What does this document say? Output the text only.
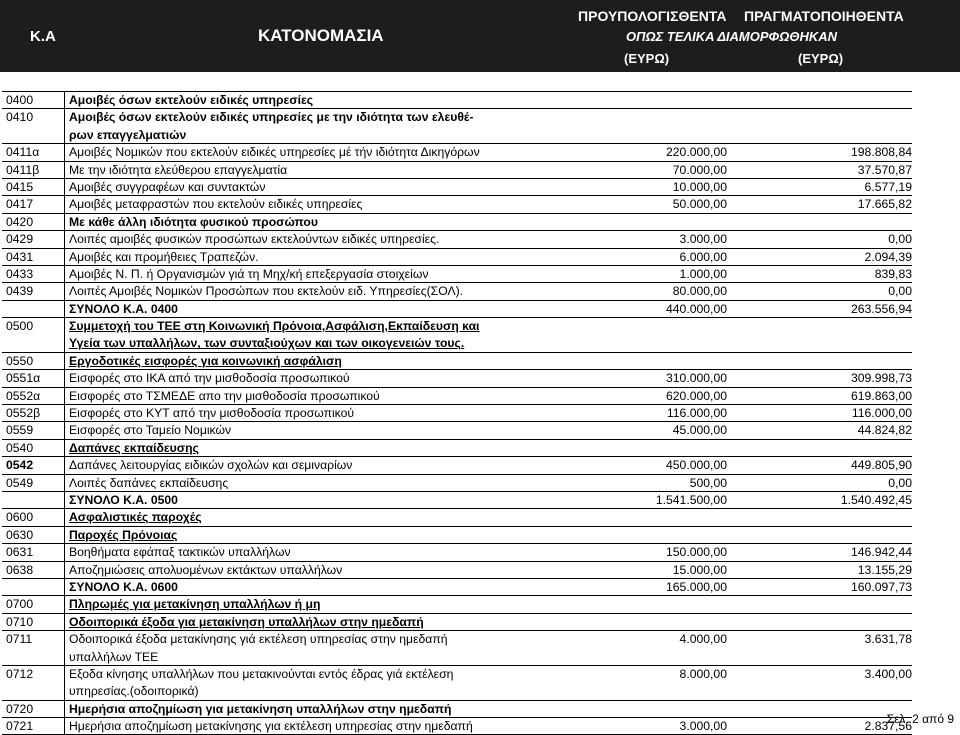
Κ.Α	ΚΑΤΟΝΟΜΑΣΙΑ
ΠΡΟΥΠΟΛΟΓΙΣΘΕΝΤΑ ΠΡΑΓΜΑΤΟΠΟΙΗΘΕΝΤΑ
ΟΠΩΣ ΤΕΛΙΚΑ ΔΙΑΜΟΡΦΩΘΗΚΑΝ
(ΕΥΡΩ)	(ΕΥΡΩ)
0400	Αμοιβές όσων εκτελούν ειδικές υπηρεσίες
0410	Αμοιβές όσων εκτελούν ειδικές υπηρεσίες με την ιδιότητα των ελευθέ-
ρων επαγγελματιών
0411α	Αμοιβές Νομικών που εκτελούν ειδικές υπηρεσίες μέ τήν ιδιότητα Δικηγόρων	220.000,00	198.808,84
0411β	Με την ιδιότητα ελεύθερου επαγγελματία	70.000,00	37.570,87
0415	Αμοιβές συγγραφέων και συντακτών	10.000,00	6.577,19
0417	Αμοιβές μεταφραστών που εκτελούν ειδικές υπηρεσίες	50.000,00	17.665,82
0420	Με κάθε άλλη ιδιότητα φυσικού προσώπου
0429	Λοιπές αμοιβές φυσικών προσώπων εκτελούντων ειδικές υπηρεσίες.	3.000,00	0,00
0431	Αμοιβές και προμήθειες Τραπεζών.	6.000,00	2.094,39
0433	Αμοιβές Ν. Π. ή Οργανισμών γιά τη Μηχ/κή επεξεργασία στοιχείων	1.000,00	839,83
0439	Λοιπές Αμοιβές Νομικών Προσώπων που εκτελούν ειδ. Υπηρεσίες(ΣΟΛ).	80.000,00	0,00
ΣΥΝΟΛΟ Κ.Α. 0400	440.000,00	263.556,94
0500	Συμμετοχή του ΤΕΕ στη Κοινωνική Πρόνοια,Ασφάλιση,Εκπαίδευση και
Υγεία των υπαλλήλων, των συνταξιούχων και των οικογενειών τους.
0550	Εργοδοτικές εισφορές για κοινωνική ασφάλιση
0551α	Εισφορές στο ΙΚΑ από την μισθοδοσία προσωπικού	310.000,00	309.998,73
0552α	Εισφορές στο ΤΣΜΕΔΕ απο την μισθοδοσία προσωπικού	620.000,00	619.863,00
0552β	Εισφορές στο ΚΥΤ από την μισθοδοσία προσωπικού	116.000,00	116.000,00
0559	Εισφορές στο Ταμείο Νομικών	45.000,00	44.824,82
0540	Δαπάνες εκπαίδευσης
0542	Δαπάνες λειτουργίας ειδικών σχολών και σεμιναρίων	450.000,00	449.805,90
0549	Λοιπές δαπάνες εκπαίδευσης	500,00	0,00
ΣΥΝΟΛΟ Κ.Α. 0500	1.541.500,00	1.540.492,45
0600	Ασφαλιστικές παροχές
0630	Παροχές Πρόνοιας
0631	Βοηθήματα εφάπαξ τακτικών υπαλλήλων	150.000,00	146.942,44
0638	Αποζημιώσεις απολυομένων εκτάκτων υπαλλήλων	15.000,00	13.155,29
ΣΥΝΟΛΟ Κ.Α. 0600	165.000,00	160.097,73
0700	Πληρωμές για μετακίνηση υπαλλήλων ή μη
0710	Οδοιπορικά έξοδα για μετακίνηση υπαλλήλων στην ημεδαπή
0711	Οδοιπορικά έξοδα μετακίνησης γιά εκτέλεση υπηρεσίας στην ημεδαπή	4.000,00	3.631,78
υπαλλήλων ΤΕΕ
0712	Εξοδα κίνησης υπαλλήλων που μετακινούνται εντός έδρας γιά εκτέλεση	8.000,00	3.400,00
υπηρεσίας.(οδοιπορικά)
0720	Ημερήσια αποζημίωση για μετακίνηση υπαλλήλων στην ημεδαπή
0721	Ημερήσια αποζημίωση μετακίνησης για εκτέλεση υπηρεσίας στην ημεδαπή	3.000,00	2.837,56
Σελ. 2 από 9
